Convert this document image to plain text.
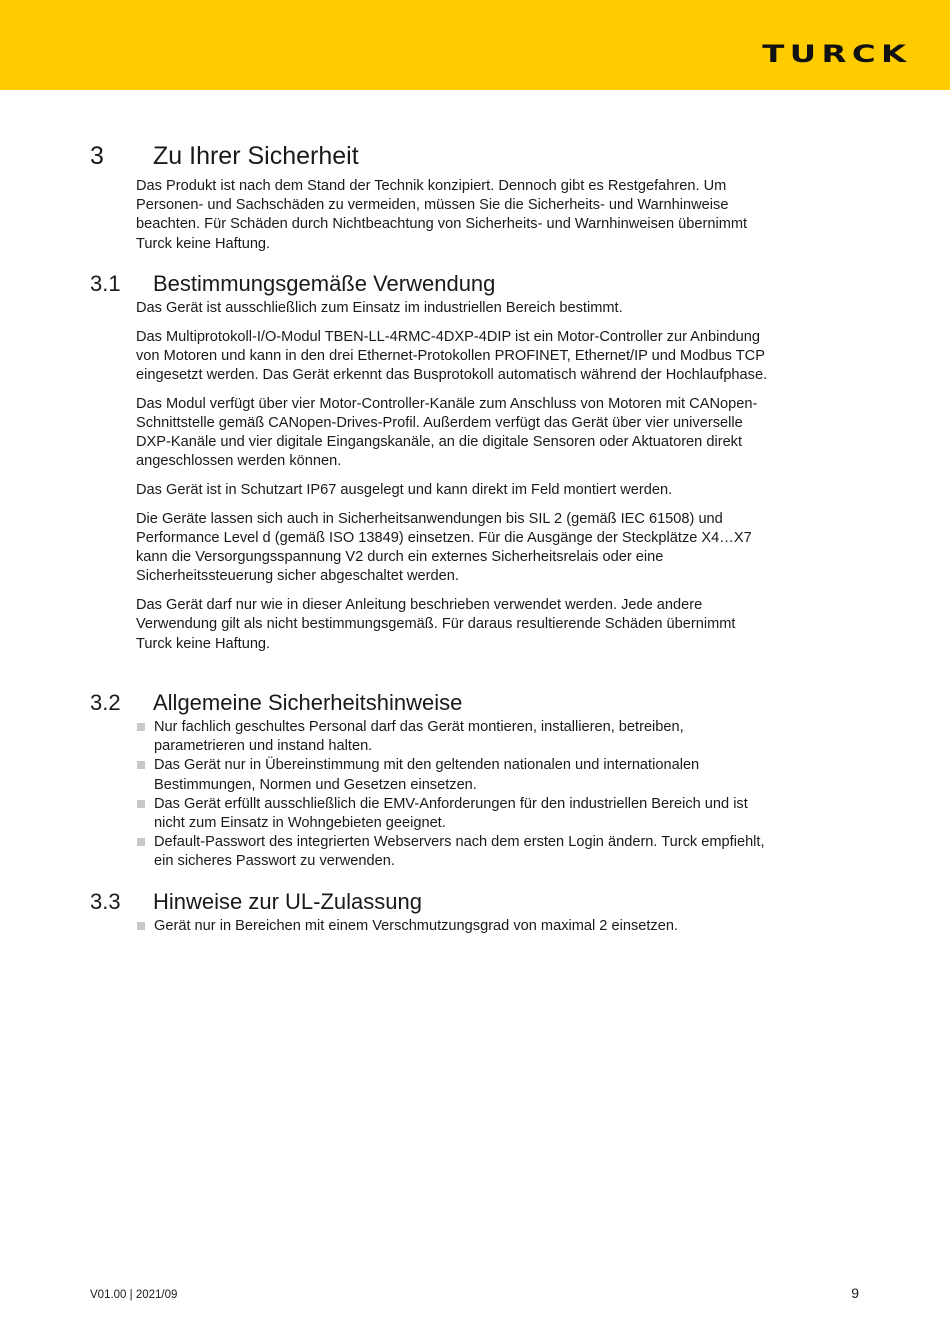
TURCK
3 Zu Ihrer Sicherheit

Das Produkt ist nach dem Stand der Technik konzipiert. Dennoch gibt es Restgefahren. Um Personen- und Sachschäden zu vermeiden, müssen Sie die Sicherheits- und Warnhinweise beachten. Für Schäden durch Nichtbeachtung von Sicherheits- und Warnhinweisen übernimmt Turck keine Haftung.

3.1 Bestimmungsgemäße Verwendung

Das Gerät ist ausschließlich zum Einsatz im industriellen Bereich bestimmt.

Das Multiprotokoll-I/O-Modul TBEN-LL-4RMC-4DXP-4DIP ist ein Motor-Controller zur Anbindung von Motoren und kann in den drei Ethernet-Protokollen PROFINET, Ethernet/IP und Modbus TCP eingesetzt werden. Das Gerät erkennt das Busprotokoll automatisch während der Hochlaufphase.

Das Modul verfügt über vier Motor-Controller-Kanäle zum Anschluss von Motoren mit CANopen-Schnittstelle gemäß CANopen-Drives-Profil. Außerdem verfügt das Gerät über vier universelle DXP-Kanäle und vier digitale Eingangskanäle, an die digitale Sensoren oder Aktuatoren direkt angeschlossen werden können.

Das Gerät ist in Schutzart IP67 ausgelegt und kann direkt im Feld montiert werden.

Die Geräte lassen sich auch in Sicherheitsanwendungen bis SIL 2 (gemäß IEC 61508) und Performance Level d (gemäß ISO 13849) einsetzen. Für die Ausgänge der Steckplätze X4…X7 kann die Versorgungsspannung V2 durch ein externes Sicherheitsrelais oder eine Sicherheitssteuerung sicher abgeschaltet werden.

Das Gerät darf nur wie in dieser Anleitung beschrieben verwendet werden. Jede andere Verwendung gilt als nicht bestimmungsgemäß. Für daraus resultierende Schäden übernimmt Turck keine Haftung.

3.2 Allgemeine Sicherheitshinweise
Nur fachlich geschultes Personal darf das Gerät montieren, installieren, betreiben, parametrieren und instand halten.
Das Gerät nur in Übereinstimmung mit den geltenden nationalen und internationalen Bestimmungen, Normen und Gesetzen einsetzen.
Das Gerät erfüllt ausschließlich die EMV-Anforderungen für den industriellen Bereich und ist nicht zum Einsatz in Wohngebieten geeignet.
Default-Passwort des integrierten Webservers nach dem ersten Login ändern. Turck empfiehlt, ein sicheres Passwort zu verwenden.
3.3 Hinweise zur UL-Zulassung
Gerät nur in Bereichen mit einem Verschmutzungsgrad von maximal 2 einsetzen.
V01.00 | 2021/09	9
